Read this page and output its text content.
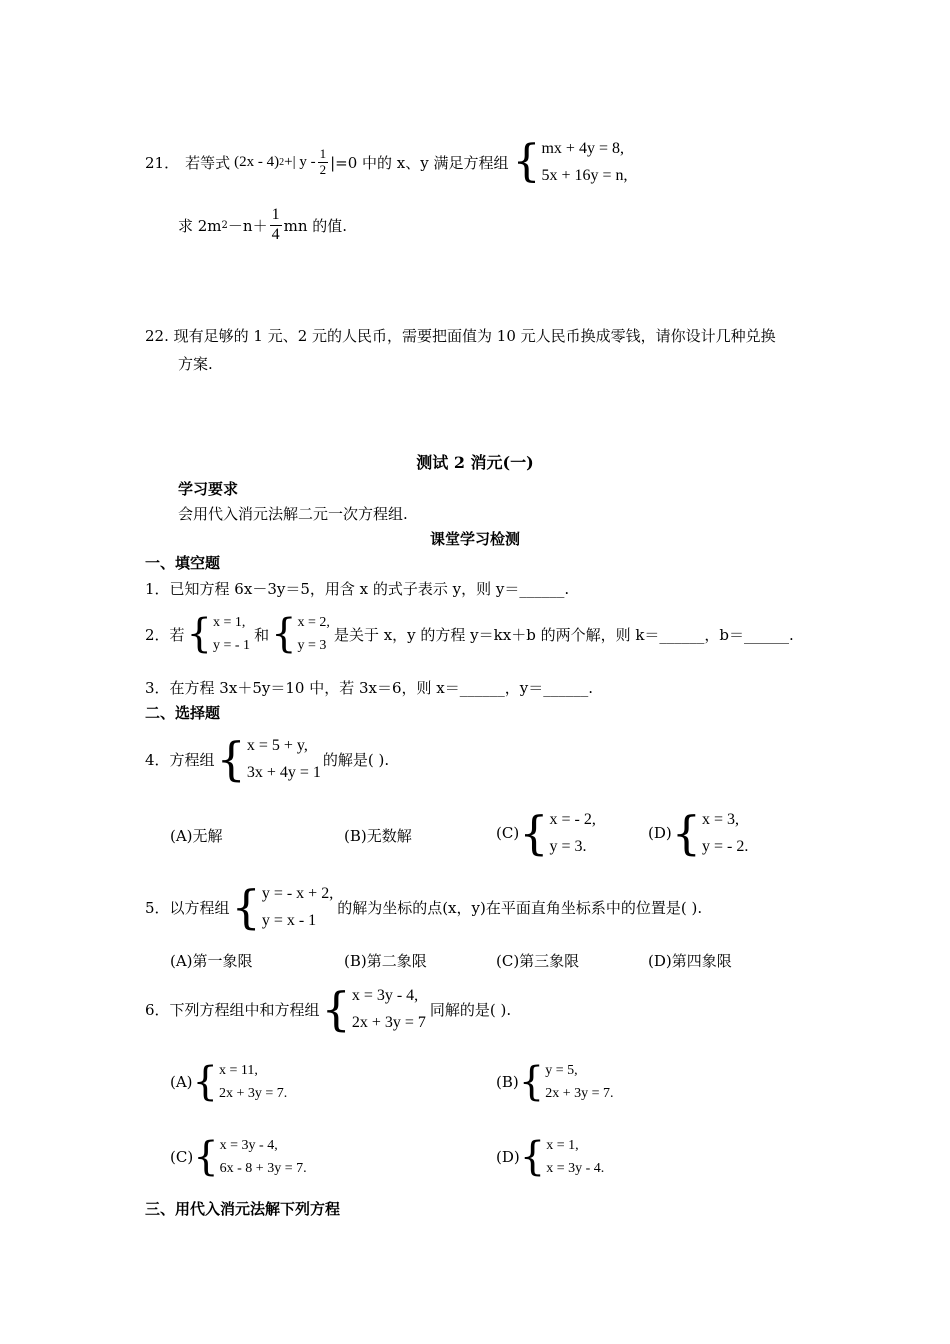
21． 若等式 (2x - 4) 2 +| $y - \frac{1}{2} |=0$ 中的 x、y 满足方程组 { mx + 4y = 8,
5x + 16y = n,
求 2m $2 -n+ \frac{1}{4}$ mn 的值.
22. 现有足够的 1 元、2 元的人民币，需要把面值为 10 元人民币换成零钱，请你设计几种兑换
方案.
测试 2 消元(一)
学习要求
会用代入消元法解二元一次方程组.
课堂学习检测
一、填空题
1．已知方程 6x－3y＝5，用含 x 的式子表示 y，则 y＝______.
2．若 { x = 1,
y = - 1
和 { x = 2,
y = 3
是关于 x，y 的方程 y＝kx＋b 的两个解，则 k＝______，b＝______.
3．在方程 3x＋5y＝10 中，若 3x＝6，则 x＝______，y＝______.
二、选择题
4．方程组 { x = 5 + y,
3x + 4y = 1
的解是( ).
(A)无解	(B)无数解	(C) { x = - 2,
y = 3.
(D) { x = 3,
y = - 2.
5．以方程组 { y = - x + 2,
y = x - 1
的解为坐标的点(x，y)在平面直角坐标系中的位置是( ).
(A)第一象限	(B)第二象限	(C)第三象限	(D)第四象限
6．下列方程组中和方程组 { x = 3y - 4,
2x + 3y = 7
同解的是( ).
(A) { x = 11,
2x + 3y = 7.
(B) { y = 5,
2x + 3y = 7.
(C) { x = 3y - 4,
6x - 8 + 3y = 7.
(D) { x = 1,
x = 3y - 4.
三、用代入消元法解下列方程
